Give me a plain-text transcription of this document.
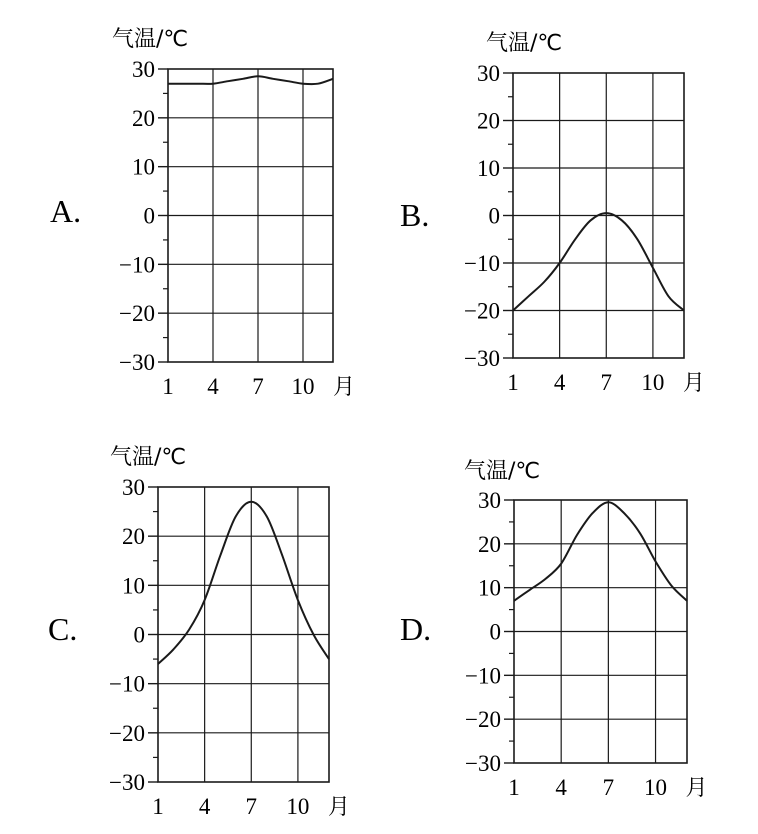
A.
气温/℃
30
20
10
0
−10
−20
−30
1 4 7 10 月
B.
气温/℃
30
20
10
0
−10
−20
−30
1 4 7 10 月
C.
气温/℃
30
20
10
0
−10
−20
−30
1 4 7 10 月
D.
气温/℃
30
20
10
0
−10
−20
−30
1 4 7 10 月
